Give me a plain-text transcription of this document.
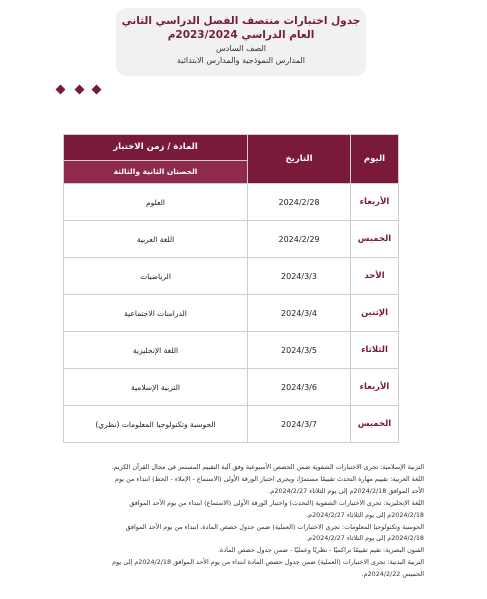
جدول اختبارات منتصف الفصل الدراسي الثاني
العام الدراسي 2023/2024م
الصف السادس
المدارس النموذجية والمدارس الابتدائية
اليوم	التاريخ	المادة / زمن الاختبار
		الحصتان الثانية والثالثة
الأربعاء	2024/2/28	العلوم
الخميس	2024/2/29	اللغة العربية
الأحد	2024/3/3	الرياضيات
الإثنين	2024/3/4	الدراسات الاجتماعية
الثلاثاء	2024/3/5	اللغة الإنجليزية
الأربعاء	2024/3/6	التربية الإسلامية
الخميس	2024/3/7	الحوسبة وتكنولوجيا المعلومات (نظري)

التربية الإسلامية: تجرى الاختبارات الشفوية ضمن الحصص الأسبوعية وفق آلية التقييم المستمر في مجال القرآن الكريم.

اللغة العربية: تقييم مهارة التحدث تقييمًا مستمرًا، ويجرى اختبار الورقة الأولى (الاستماع - الإملاء - الخط) ابتداء من يوم

الأحد الموافق 2024/2/18م إلى يوم الثلاثاء 2024/2/27م.

اللغة الإنجليزية: تجرى الاختبارات الشفوية (التحدث) واختبار الورقة الأولى (الاستماع) ابتداء من يوم الأحد الموافق

2024/2/18م إلى يوم الثلاثاء 2024/2/27م.

الحوسبة وتكنولوجيا المعلومات: تجرى الاختبارات (العملية) ضمن جدول حصص المادة، ابتداء من يوم الأحد الموافق

2024/2/18م إلى يوم الثلاثاء 2024/2/27م.

الفنون البصرية: تقيم تقييمًا تراكميًا - نظريًا وعمليًا - ضمن جدول حصص المادة.

التربية البدنية: تجرى الاختبارات (العملية) ضمن جدول حصص المادة ابتداء من يوم الأحد الموافق 2024/2/18م إلى يوم

الخميس 2024/2/22م.
